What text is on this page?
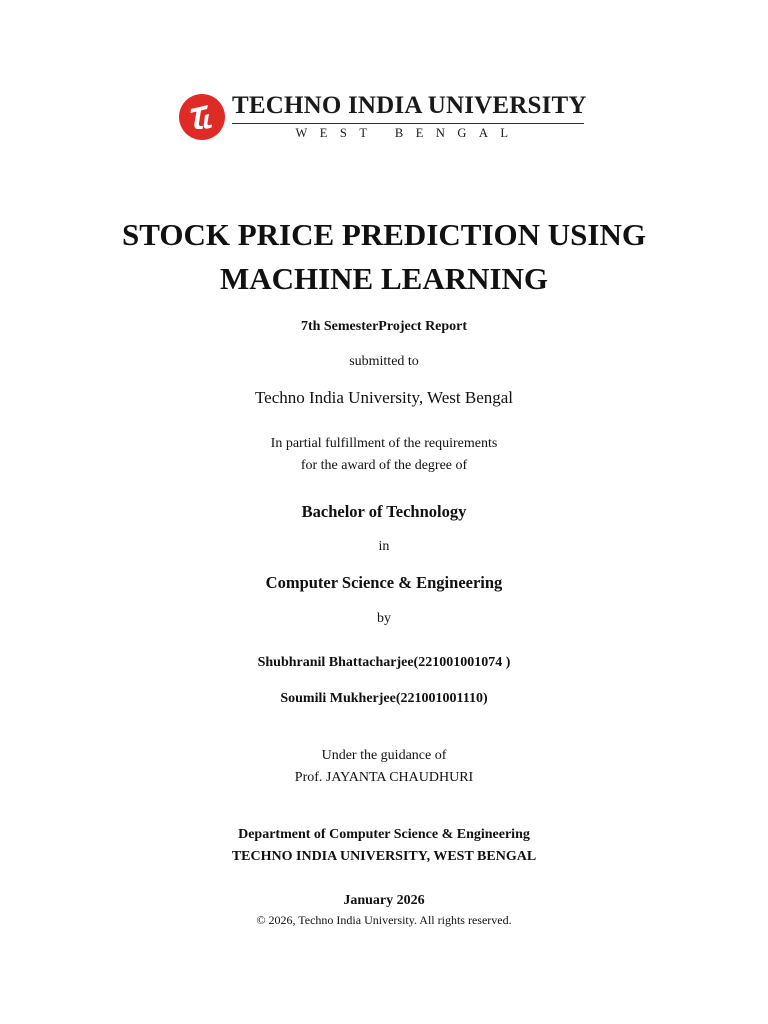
TECHNO INDIA UNIVERSITY
WEST BENGAL
STOCK PRICE PREDICTION USING
MACHINE LEARNING
7th SemesterProject Report
submitted to
Techno India University, West Bengal
In partial fulfillment of the requirements
for the award of the degree of
Bachelor of Technology
in
Computer Science & Engineering
by
Shubhranil Bhattacharjee(221001001074 )
Soumili Mukherjee(221001001110)
Under the guidance of
Prof. JAYANTA CHAUDHURI
Department of Computer Science & Engineering
TECHNO INDIA UNIVERSITY, WEST BENGAL
January 2026
© 2026, Techno India University. All rights reserved.
